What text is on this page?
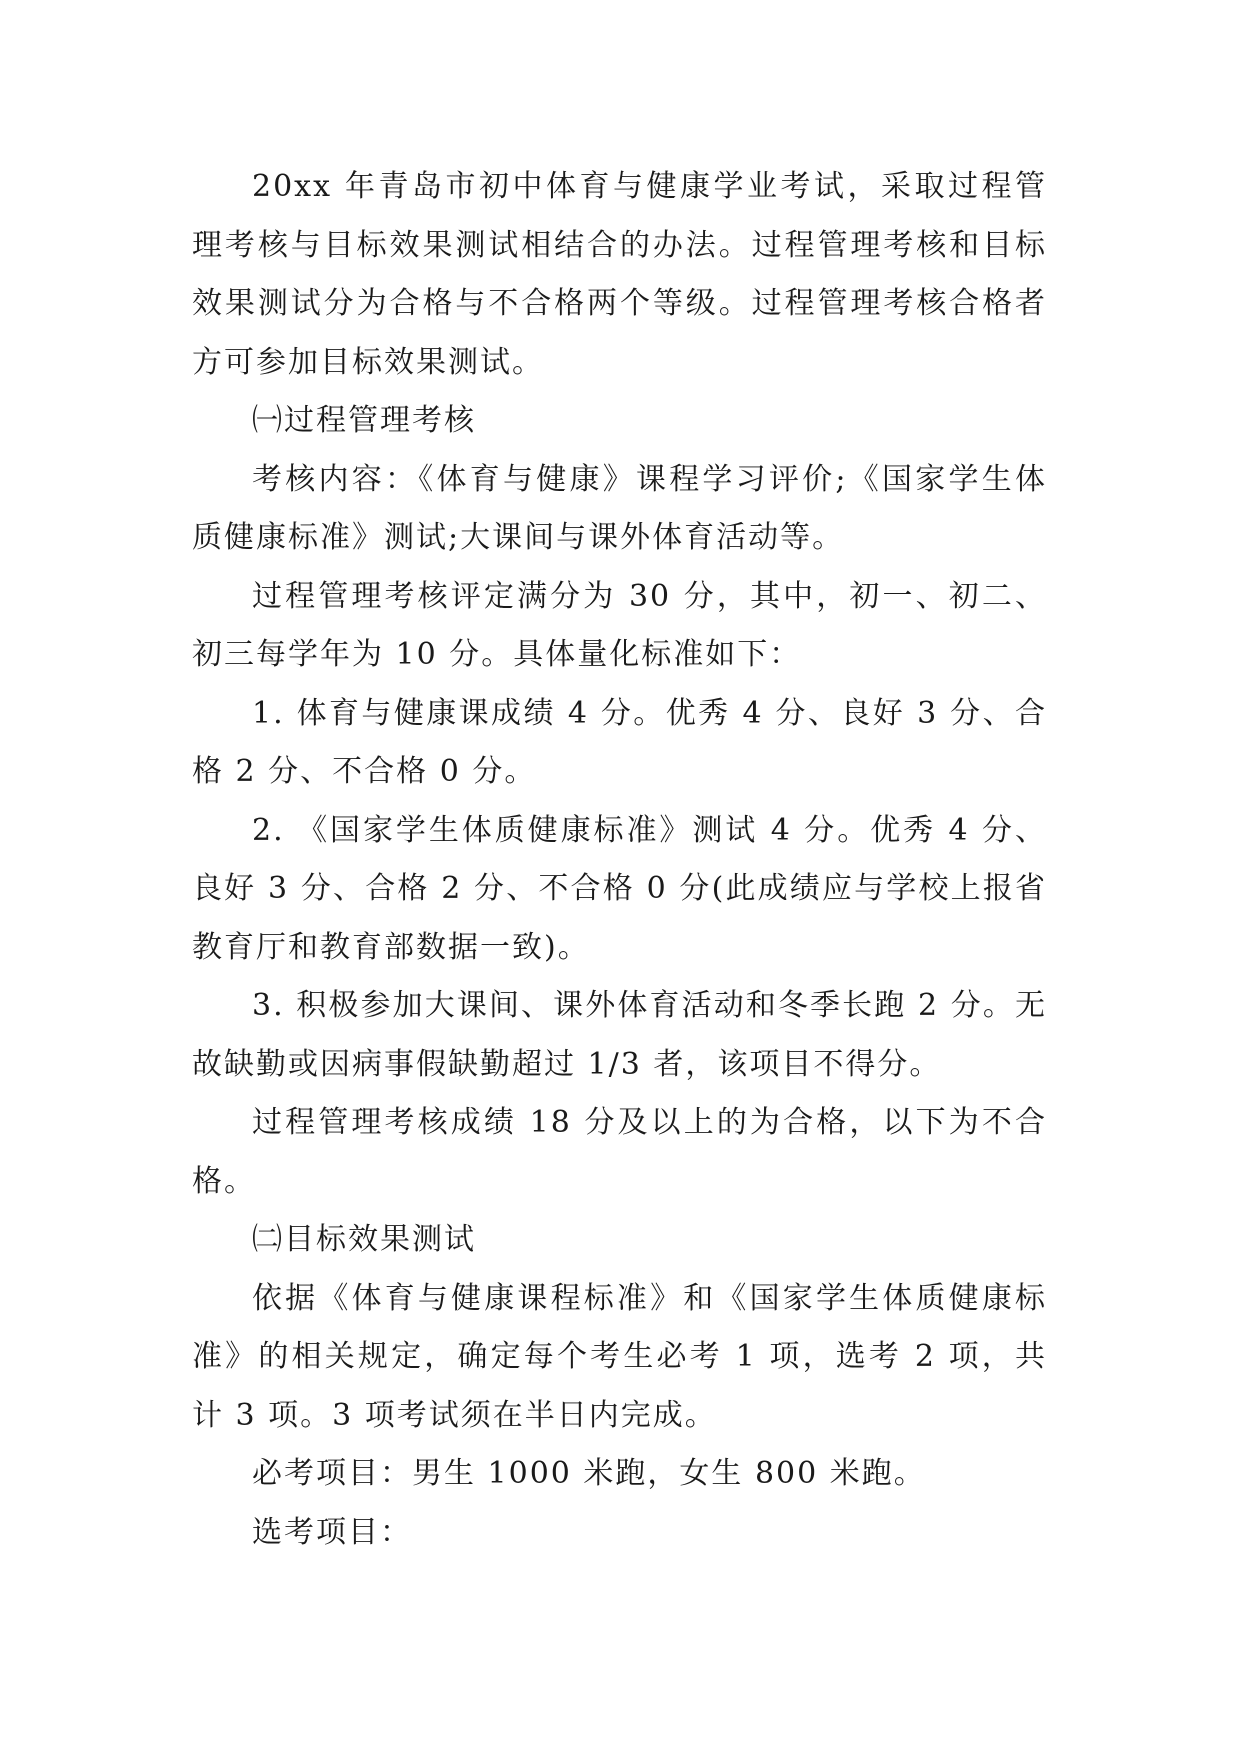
20xx 年青岛市初中体育与健康学业考试，采取过程管理考核与目标效果测试相结合的办法。过程管理考核和目标效果测试分为合格与不合格两个等级。过程管理考核合格者方可参加目标效果测试。

㈠过程管理考核

考核内容：《体育与健康》课程学习评价;《国家学生体质健康标准》测试;大课间与课外体育活动等。

过程管理考核评定满分为 30 分，其中，初一、初二、初三每学年为 10 分。具体量化标准如下：

1. 体育与健康课成绩 4 分。优秀 4 分、良好 3 分、合格 2 分、不合格 0 分。

2. 《国家学生体质健康标准》测试 4 分。优秀 4 分、良好 3 分、合格 2 分、不合格 0 分(此成绩应与学校上报省教育厅和教育部数据一致)。

3. 积极参加大课间、课外体育活动和冬季长跑 2 分。无故缺勤或因病事假缺勤超过 1/3 者，该项目不得分。

过程管理考核成绩 18 分及以上的为合格，以下为不合格。

㈡目标效果测试

依据《体育与健康课程标准》和《国家学生体质健康标准》的相关规定，确定每个考生必考 1 项，选考 2 项，共计 3 项。3 项考试须在半日内完成。

必考项目：男生 1000 米跑，女生 800 米跑。

选考项目：
